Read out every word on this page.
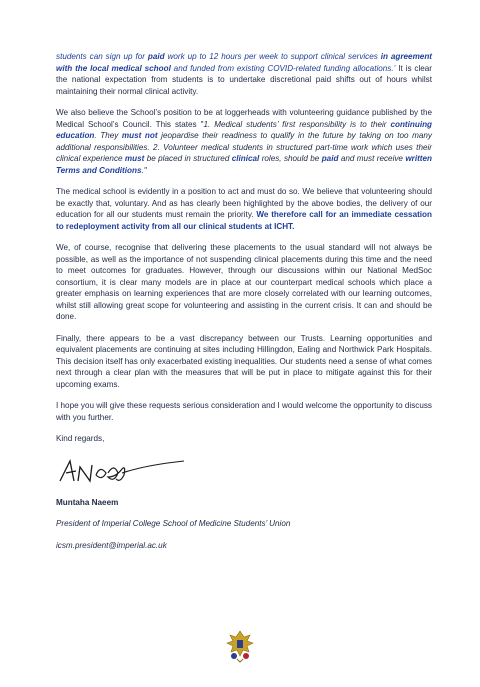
students can sign up for paid work up to 12 hours per week to support clinical services in agreement with the local medical school and funded from existing COVID-related funding allocations.’ It is clear the national expectation from students is to undertake discretional paid shifts out of hours whilst maintaining their normal clinical activity.

We also believe the School’s position to be at loggerheads with volunteering guidance published by the Medical School’s Council. This states "1. Medical students’ first responsibility is to their continuing education. They must not jeopardise their readiness to qualify in the future by taking on too many additional responsibilities. 2. Volunteer medical students in structured part-time work which uses their clinical experience must be placed in structured clinical roles, should be paid and must receive written Terms and Conditions."

The medical school is evidently in a position to act and must do so. We believe that volunteering should be exactly that, voluntary. And as has clearly been highlighted by the above bodies, the delivery of our education for all our students must remain the priority. We therefore call for an immediate cessation to redeployment activity from all our clinical students at ICHT.

We, of course, recognise that delivering these placements to the usual standard will not always be possible, as well as the importance of not suspending clinical placements during this time and the need to meet outcomes for graduates. However, through our discussions within our National MedSoc consortium, it is clear many models are in place at our counterpart medical schools which place a greater emphasis on learning experiences that are more closely correlated with our learning outcomes, whilst still allowing great scope for volunteering and assisting in the current crisis. It can and should be done.

Finally, there appears to be a vast discrepancy between our Trusts. Learning opportunities and equivalent placements are continuing at sites including Hillingdon, Ealing and Northwick Park Hospitals. This decision itself has only exacerbated existing inequalities. Our students need a sense of what comes next through a clear plan with the measures that will be put in place to mitigate against this for their upcoming exams.

I hope you will give these requests serious consideration and I would welcome the opportunity to discuss with you further.

Kind regards,

Muntaha Naeem

President of Imperial College School of Medicine Students’ Union

icsm.president@imperial.ac.uk
